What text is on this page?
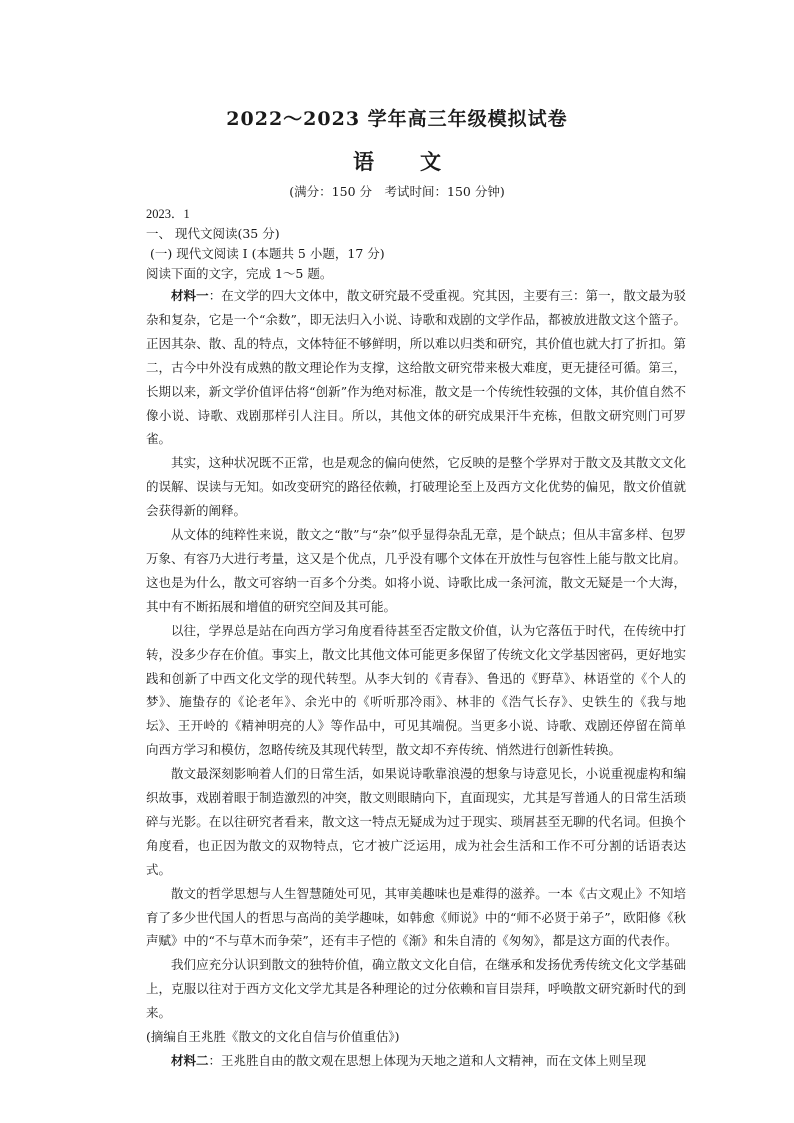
2022～2023 学年高三年级模拟试卷
语 文
(满分：150 分　考试时间：150 分钟)
2023．1
一、 现代文阅读(35 分)
(一) 现代文阅读 I (本题共 5 小题，17 分)
阅读下面的文字，完成 1～5 题。

材料一：在文学的四大文体中，散文研究最不受重视。究其因，主要有三：第一，散文最为驳杂和复杂，它是一个“余数”，即无法归入小说、诗歌和戏剧的文学作品，都被放进散文这个篮子。正因其杂、散、乱的特点，文体特征不够鲜明，所以难以归类和研究，其价值也就大打了折扣。第二，古今中外没有成熟的散文理论作为支撑，这给散文研究带来极大难度，更无捷径可循。第三，长期以来，新文学价值评估将“创新”作为绝对标准，散文是一个传统性较强的文体，其价值自然不像小说、诗歌、戏剧那样引人注目。所以，其他文体的研究成果汗牛充栋，但散文研究则门可罗雀。

其实，这种状况既不正常，也是观念的偏向使然，它反映的是整个学界对于散文及其散文文化的误解、误读与无知。如改变研究的路径依赖，打破理论至上及西方文化优势的偏见，散文价值就会获得新的阐释。

从文体的纯粹性来说，散文之“散”与“杂”似乎显得杂乱无章，是个缺点；但从丰富多样、包罗万象、有容乃大进行考量，这又是个优点，几乎没有哪个文体在开放性与包容性上能与散文比肩。这也是为什么，散文可容纳一百多个分类。如将小说、诗歌比成一条河流，散文无疑是一个大海，其中有不断拓展和增值的研究空间及其可能。

以往，学界总是站在向西方学习角度看待甚至否定散文价值，认为它落伍于时代，在传统中打转，没多少存在价值。事实上，散文比其他文体可能更多保留了传统文化文学基因密码，更好地实践和创新了中西文化文学的现代转型。从李大钊的《青春》、鲁迅的《野草》、林语堂的《个人的梦》、施蛰存的《论老年》、余光中的《听听那冷雨》、林非的《浩气长存》、史铁生的《我与地坛》、王开岭的《精神明亮的人》等作品中，可见其端倪。当更多小说、诗歌、戏剧还停留在简单向西方学习和模仿，忽略传统及其现代转型，散文却不弃传统、悄然进行创新性转换。

散文最深刻影响着人们的日常生活，如果说诗歌靠浪漫的想象与诗意见长，小说重视虚构和编织故事，戏剧着眼于制造激烈的冲突，散文则眼睛向下，直面现实，尤其是写普通人的日常生活琐碎与光影。在以往研究者看来，散文这一特点无疑成为过于现实、琐屑甚至无聊的代名词。但换个角度看，也正因为散文的双物特点，它才被广泛运用，成为社会生活和工作不可分割的话语表达式。

散文的哲学思想与人生智慧随处可见，其审美趣味也是难得的滋养。一本《古文观止》不知培育了多少世代国人的哲思与高尚的美学趣味，如韩愈《师说》中的“师不必贤于弟子”，欧阳修《秋声赋》中的“不与草木而争荣”，还有丰子恺的《渐》和朱自清的《匆匆》，都是这方面的代表作。

我们应充分认识到散文的独特价值，确立散文文化自信，在继承和发扬优秀传统文化文学基础上，克服以往对于西方文化文学尤其是各种理论的过分依赖和盲目崇拜，呼唤散文研究新时代的到来。

(摘编自王兆胜《散文的文化自信与价值重估》)

材料二：王兆胜自由的散文观在思想上体现为天地之道和人文精神，而在文体上则呈现
